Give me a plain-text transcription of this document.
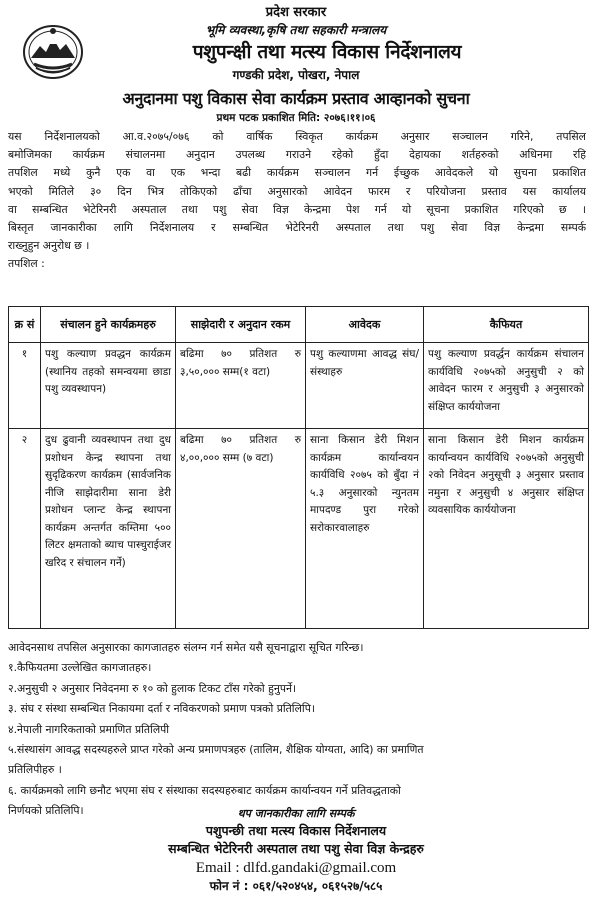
प्रदेश सरकार
भूमि व्यवस्था,कृषि तथा सहकारी मन्त्रालय
पशुपन्क्षी तथा मत्स्य विकास निर्देशनालय
गण्डकी प्रदेश, पोखरा, नेपाल
अनुदानमा पशु विकास सेवा कार्यक्रम प्रस्ताव आव्हानको सुचना
प्रथम पटक प्रकाशित मिति: २०७६।११।०६
यस निर्देशनालयको आ.व.२०७५/०७६ को वार्षिक स्विकृत कार्यक्रम अनुसार सञ्चालन गरिने, तपसिल
बमोजिमका कार्यक्रम संचालनमा अनुदान उपलब्ध गराउने रहेको हुँदा देहायका शर्तहरुको अधिनमा रहि
तपशिल मध्ये कुनै एक वा एक भन्दा बढी कार्यक्रम सञ्चालन गर्न ईच्छुक आवेदकले यो सुचना प्रकाशित
भएको मितिले ३० दिन भित्र तोकिएको ढाँचा अनुसारको आवेदन फारम र परियोजना प्रस्ताव यस कार्यालय
वा सम्बन्धित भेटेरिनरी अस्पताल तथा पशु सेवा विज्ञ केन्द्रमा पेश गर्न यो सूचना प्रकाशित गरिएको छ ।
बिस्तृत जानकारीका लागि निर्देशनालय र सम्बन्धित भेटेरिनरी अस्पताल तथा पशु सेवा विज्ञ केन्द्रमा सम्पर्क
राख्नुहुन अनुरोध छ ।
तपशिल :
क्र सं	संचालन हुने कार्यक्रमहरु	साझेदारी र अनुदान रकम	आवेदक	कैफियत
१	पशु कल्याण प्रवद्धन कार्यक्रम (स्थानिय तहको समन्वयमा छाडा पशु व्यवस्थापन)	बढिमा ७० प्रतिशत रु ३,५०,००० सम्म(१ वटा)	पशु कल्याणमा आवद्ध संघ/संस्थाहरु	पशु कल्याण प्रवर्द्धन कार्यक्रम संचालन कार्यविधि २०७५को अनुसुची २ को आवेदन फारम र अनुसुची ३ अनुसारको संक्षिप्त कार्ययोजना
२	दुध ढुवानी व्यवस्थापन तथा दुध प्रशोधन केन्द्र स्थापना तथा सुदृढिकरण कार्यक्रम (सार्वजनिक नीजि साझेदारीमा साना डेरी प्रशोधन प्लान्ट केन्द्र स्थापना कार्यक्रम अन्तर्गत कम्तिमा ५०० लिटर क्षमताको ब्याच पास्चुराईजर खरिद र संचालन गर्ने)	बढिमा ७० प्रतिशत रु ४,००,००० सम्म (७ वटा)	साना किसान डेरी मिशन कार्यक्रम कार्यान्वयन कार्यविधि २०७५ को बुँदा नं ५.३ अनुसारको न्युनतम मापदण्ड पुरा गरेको सरोकारवालाहरु	साना किसान डेरी मिशन कार्यक्रम कार्यान्वयन कार्यविधि २०७५को अनुसुची २को निवेदन अनुसूची ३ अनुसार प्रस्ताव नमुना र अनुसुची ४ अनुसार संक्षिप्त व्यवसायिक कार्ययोजना
आवेदनसाथ तपसिल अनुसारका कागजातहरु संलग्न गर्न समेत यसै सूचनाद्वारा सूचित गरिन्छ।
१.कैफियतमा उल्लेखित कागजातहरु।
२.अनुसुची २ अनुसार निवेदनमा रु १० को हुलाक टिकट टाँस गरेको हुनुपर्ने।
३. संघ र संस्था सम्बन्धित निकायमा दर्ता र नविकरणको प्रमाण पत्रको प्रतिलिपि।
४.नेपाली नागरिकताको प्रमाणित प्रतिलिपी
५.संस्थासंग आवद्ध सदस्यहरुले प्राप्त गरेको अन्य प्रमाणपत्रहरु (तालिम, शैक्षिक योग्यता, आदि) का प्रमाणित
प्रतिलिपीहरु ।
६. कार्यक्रमको लागि छनौट भएमा संघ र संस्थाका सदस्यहरुबाट कार्यक्रम कार्यान्वयन गर्ने प्रतिवद्धताको
निर्णयको प्रतिलिपि।	थप जानकारीका लागि सम्पर्क
पशुपन्छी तथा मत्स्य विकास निर्देशनालय
सम्बन्धित भेटेरिनरी अस्पताल तथा पशु सेवा विज्ञ केन्द्रहरु
Email : dlfd.gandaki@gmail.com
फोन नं : ०६१/५२०४५४, ०६१५२७/५८५
